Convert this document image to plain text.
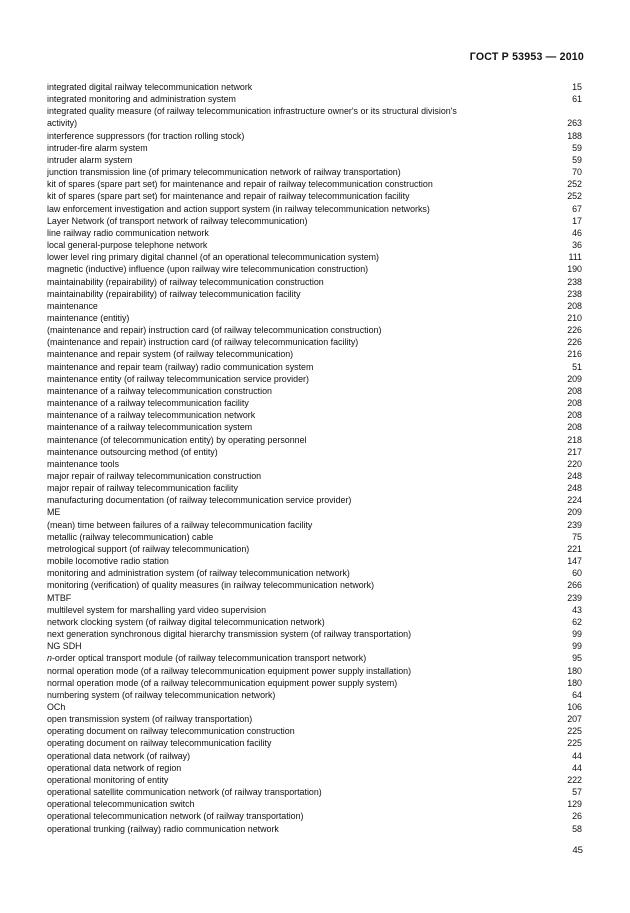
ГОСТ Р 53953 — 2010
integrated digital railway telecommunication network	15
integrated monitoring and administration system	61
integrated quality measure (of railway telecommunication infrastructure owner's or its structural division's
activity)	263
interference suppressors (for traction rolling stock)	188
intruder-fire alarm system	59
intruder alarm system	59
junction transmission line (of primary telecommunication network of railway transportation)	70
kit of spares (spare part set) for maintenance and repair of railway telecommunication construction	252
kit of spares (spare part set) for maintenance and repair of railway telecommunication facility	252
law enforcement investigation and action support system (in railway telecommunication networks)	67
Layer Network (of transport network of railway telecommunication)	17
line railway radio communication network	46
local general-purpose telephone network	36
lower level ring primary digital channel (of an operational telecommunication system)	111
magnetic (inductive) influence (upon railway wire telecommunication construction)	190
maintainability (repairability) of railway telecommunication construction	238
maintainability (repairability) of railway telecommunication facility	238
maintenance	208
maintenance (entitiy)	210
(maintenance and repair) instruction card (of railway telecommunication construction)	226
(maintenance and repair) instruction card (of railway telecommunication facility)	226
maintenance and repair system (of railway telecommunication)	216
maintenance and repair team (railway) radio communication system	51
maintenance entity (of railway telecommunication service provider)	209
maintenance of a railway telecommunication construction	208
maintenance of a railway telecommunication facility	208
maintenance of a railway telecommunication network	208
maintenance of a railway telecommunication system	208
maintenance (of telecommunication entity) by operating personnel	218
maintenance outsourcing method (of entity)	217
maintenance tools	220
major repair of railway telecommunication construction	248
major repair of railway telecommunication facility	248
manufacturing documentation (of railway telecommunication service provider)	224
ME	209
(mean) time between failures of a railway telecommunication facility	239
metallic (railway telecommunication) cable	75
metrological support (of railway telecommunication)	221
mobile locomotive radio station	147
monitoring and administration system (of railway telecommunication network)	60
monitoring (verification) of quality measures (in railway telecommunication network)	266
MTBF	239
multilevel system for marshalling yard video supervision	43
network clocking system (of railway digital telecommunication network)	62
next generation synchronous digital hierarchy transmission system (of railway transportation)	99
NG SDH	99
n-order optical transport module (of railway telecommunication transport network)	95
normal operation mode (of a railway telecommunication equipment power supply installation)	180
normal operation mode (of a railway telecommunication equipment power supply system)	180
numbering system (of railway telecommunication network)	64
OCh	106
open transmission system (of railway transportation)	207
operating document on railway telecommunication construction	225
operating document on railway telecommunication facility	225
operational data network (of railway)	44
operational data network of region	44
operational monitoring of entity	222
operational satellite communication network (of railway transportation)	57
operational telecommunication switch	129
operational telecommunication network (of railway transportation)	26
operational trunking (railway) radio communication network	58
45
